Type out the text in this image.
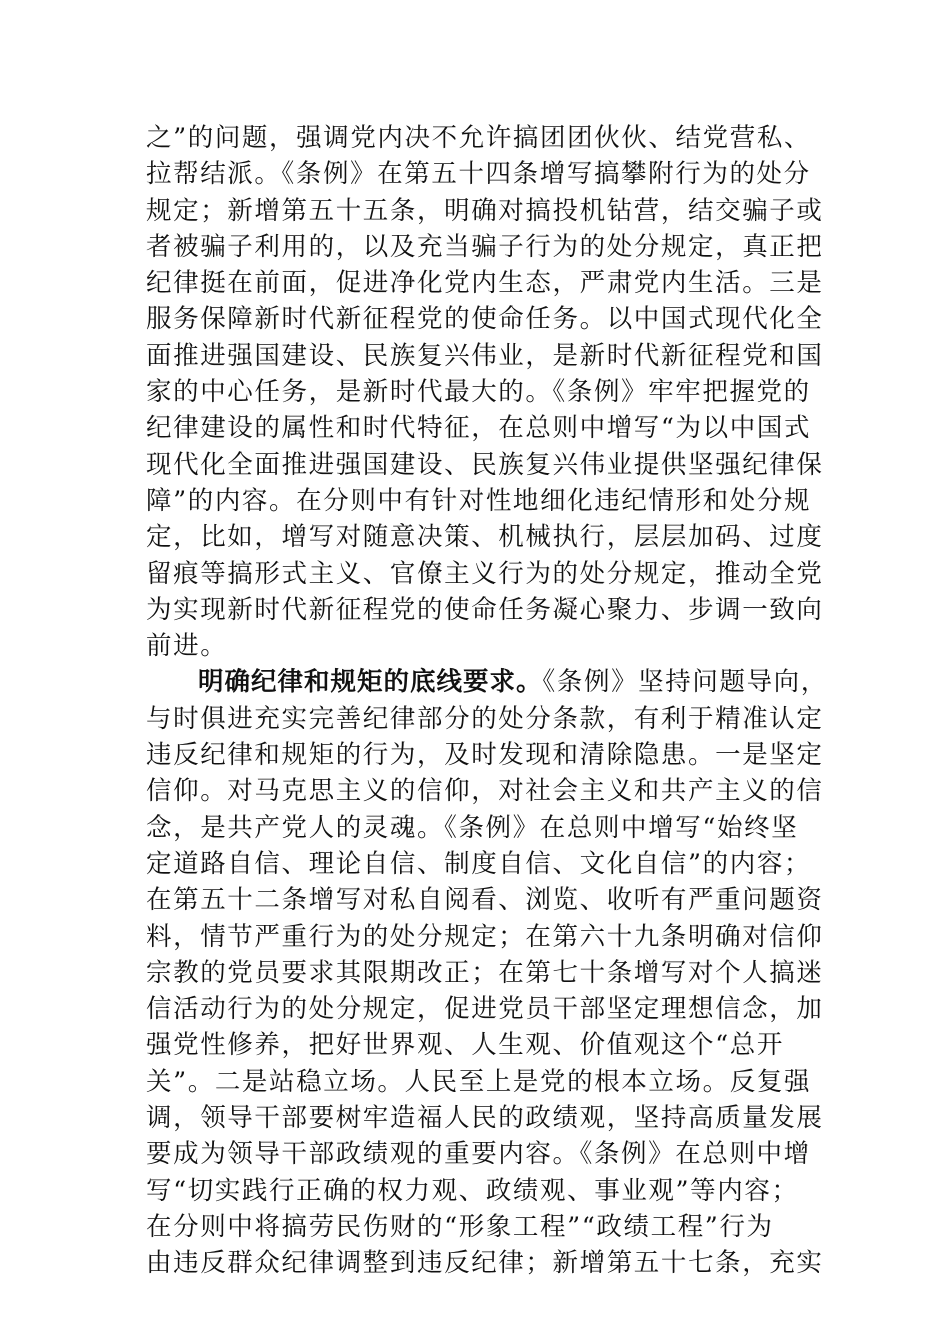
之”的问题，强调党内决不允许搞团团伙伙、结党营私、
拉帮结派。《条例》在第五十四条增写搞攀附行为的处分
规定；新增第五十五条，明确对搞投机钻营，结交骗子或
者被骗子利用的，以及充当骗子行为的处分规定，真正把
纪律挺在前面，促进净化党内生态，严肃党内生活。三是
服务保障新时代新征程党的使命任务。以中国式现代化全
面推进强国建设、民族复兴伟业，是新时代新征程党和国
家的中心任务，是新时代最大的。《条例》牢牢把握党的
纪律建设的属性和时代特征，在总则中增写“为以中国式
现代化全面推进强国建设、民族复兴伟业提供坚强纪律保
障”的内容。在分则中有针对性地细化违纪情形和处分规
定，比如，增写对随意决策、机械执行，层层加码、过度
留痕等搞形式主义、官僚主义行为的处分规定，推动全党
为实现新时代新征程党的使命任务凝心聚力、步调一致向
前进。
明确纪律和规矩的底线要求。《条例》坚持问题导向，
与时俱进充实完善纪律部分的处分条款，有利于精准认定
违反纪律和规矩的行为，及时发现和清除隐患。一是坚定
信仰。对马克思主义的信仰，对社会主义和共产主义的信
念，是共产党人的灵魂。《条例》在总则中增写“始终坚
定道路自信、理论自信、制度自信、文化自信”的内容；
在第五十二条增写对私自阅看、浏览、收听有严重问题资
料，情节严重行为的处分规定；在第六十九条明确对信仰
宗教的党员要求其限期改正；在第七十条增写对个人搞迷
信活动行为的处分规定，促进党员干部坚定理想信念，加
强党性修养，把好世界观、人生观、价值观这个“总开
关”。二是站稳立场。人民至上是党的根本立场。反复强
调，领导干部要树牢造福人民的政绩观，坚持高质量发展
要成为领导干部政绩观的重要内容。《条例》在总则中增
写“切实践行正确的权力观、政绩观、事业观”等内容；
在分则中将搞劳民伤财的“形象工程”“政绩工程”行为
由违反群众纪律调整到违反纪律；新增第五十七条，充实
